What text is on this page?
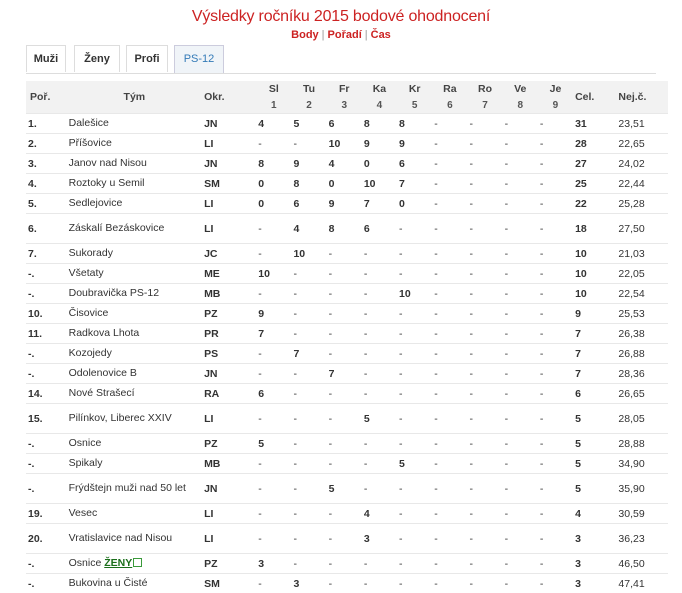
Výsledky ročníku 2015 bodové ohodnocení
Body | Pořadí | Čas
Muži	Ženy	Profi	PS-12
Poř.	Tým	Okr.	Sl	Tu	Fr	Ka	Kr	Ra	Ro	Ve	Je	Cel.	Nej.č.
			1	2	3	4	5	6	7	8	9		
1.	Dalešice	JN	4	5	6	8	8	-	-	-	-	31	23,51
2.	Příšovice	LI	-	-	10	9	9	-	-	-	-	28	22,65
3.	Janov nad Nisou	JN	8	9	4	0	6	-	-	-	-	27	24,02
4.	Roztoky u Semil	SM	0	8	0	10	7	-	-	-	-	25	22,44
5.	Sedlejovice	LI	0	6	9	7	0	-	-	-	-	22	25,28
6.	Záskalí Bezáskovice	LI	-	4	8	6	-	-	-	-	-	18	27,50
7.	Sukorady	JC	-	10	-	-	-	-	-	-	-	10	21,03
-.	Všetaty	ME	10	-	-	-	-	-	-	-	-	10	22,05
-.	Doubravička PS-12	MB	-	-	-	-	10	-	-	-	-	10	22,54
10.	Čisovice	PZ	9	-	-	-	-	-	-	-	-	9	25,53
11.	Radkova Lhota	PR	7	-	-	-	-	-	-	-	-	7	26,38
-.	Kozojedy	PS	-	7	-	-	-	-	-	-	-	7	26,88
-.	Odolenovice B	JN	-	-	7	-	-	-	-	-	-	7	28,36
14.	Nové Strašecí	RA	6	-	-	-	-	-	-	-	-	6	26,65
15.	Pilínkov, Liberec XXIV	LI	-	-	-	5	-	-	-	-	-	5	28,05
-.	Osnice	PZ	5	-	-	-	-	-	-	-	-	5	28,88
-.	Spikaly	MB	-	-	-	-	5	-	-	-	-	5	34,90
-.	Frýdštejn muži nad 50 let	JN	-	-	5	-	-	-	-	-	-	5	35,90
19.	Vesec	LI	-	-	-	4	-	-	-	-	-	4	30,59
20.	Vratislavice nad Nisou	LI	-	-	-	3	-	-	-	-	-	3	36,23
-.	Osnice ŽENY	PZ	3	-	-	-	-	-	-	-	-	3	46,50
-.	Bukovina u Čisté	SM	-	3	-	-	-	-	-	-	-	3	47,41
